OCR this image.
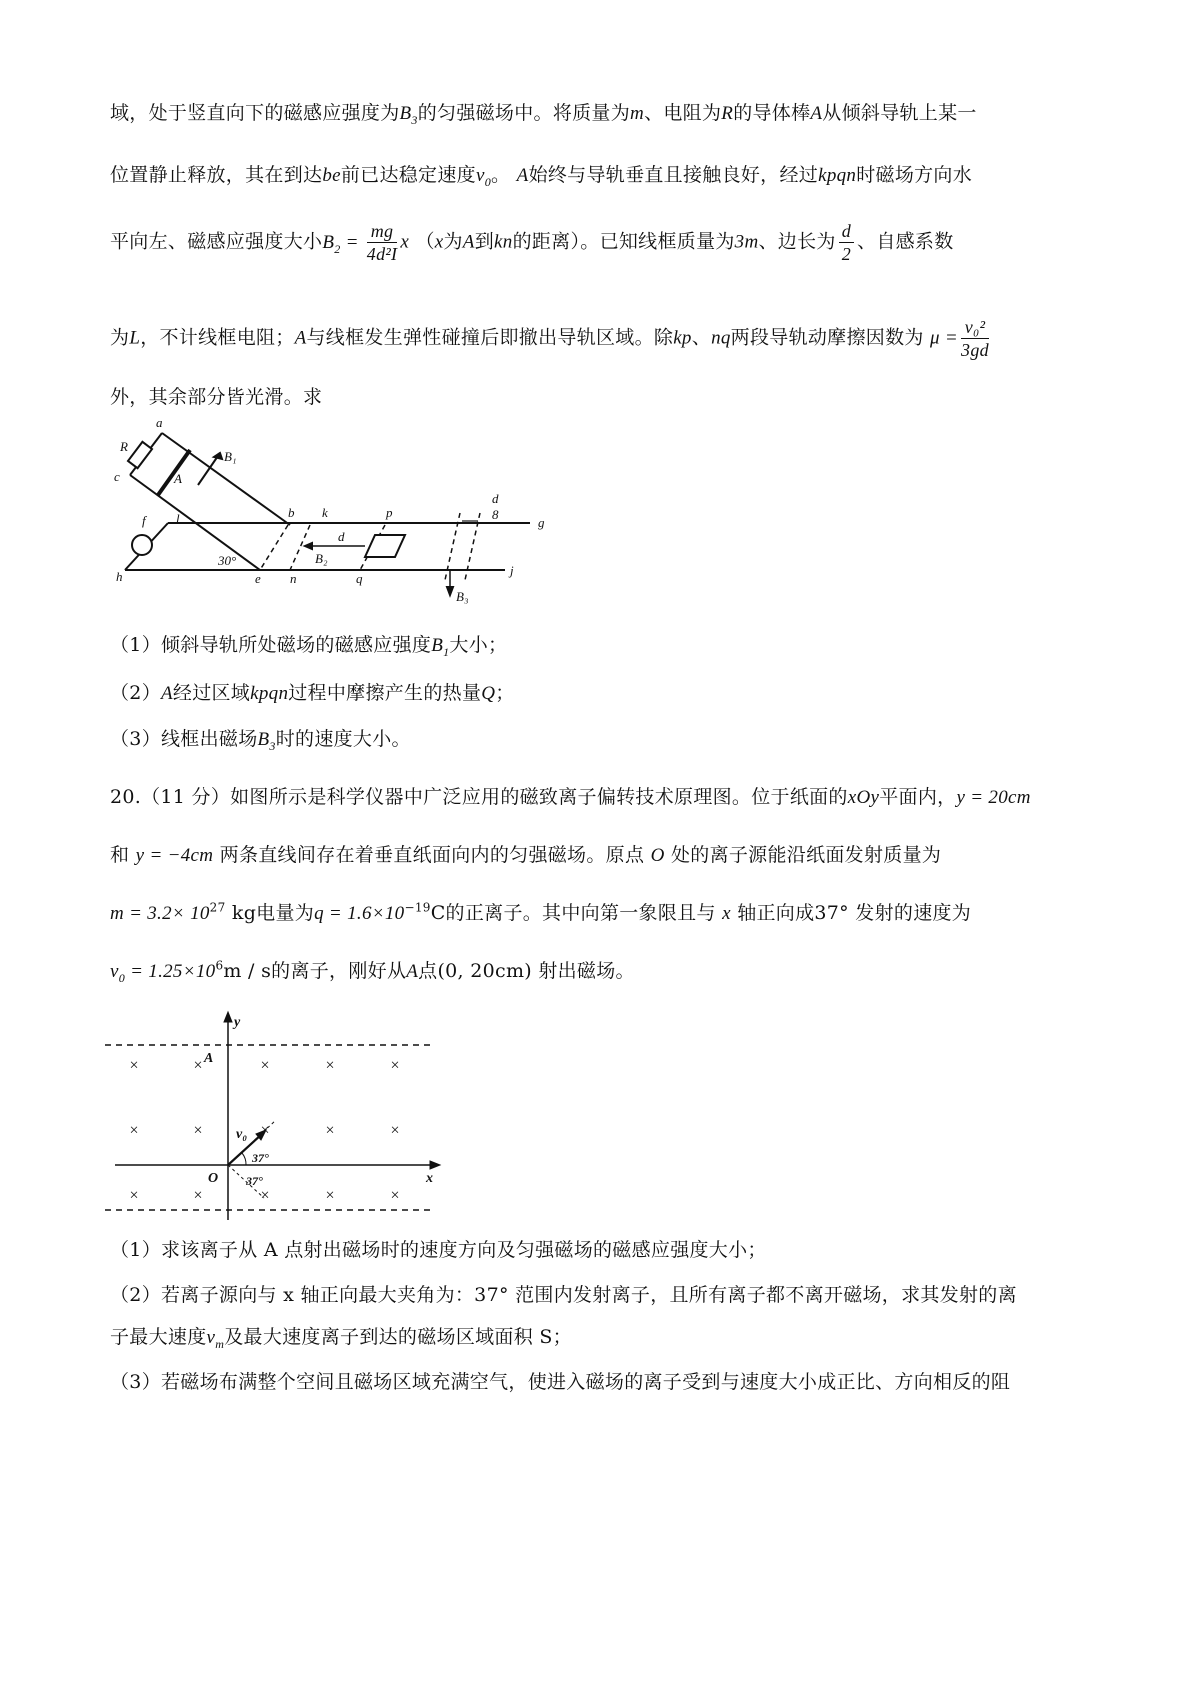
域，处于竖直向下的磁感应强度为$B_3$的匀强磁场中。将质量为m、电阻为R的导体棒A从倾斜导轨上某一
位置静止释放，其在到达be前已达稳定速度$v_0$。 A始终与导轨垂直且接触良好，经过kpqn时磁场方向水
平向左、磁感应强度大小$B_2 = \frac{mg}{\text{4d²I}}$ x （x为A到kn的距离）。已知线框质量为3m、边长为 $\frac{d}{2}$ 、自感系数
为L，不计线框电阻；A与线框发生弹性碰撞后即撤出导轨区域。除kp、nq两段导轨动摩擦因数为 $\mu = \frac{\text{v₀²}}{3gd}$
外，其余部分皆光滑。求
a
R
c	A
B₁
f l
30°
h	e
b k
n
p
q
d
B₂
d
8
g
j
B₃
（1）倾斜导轨所处磁场的磁感应强度$B_1$大小；
（2）A经过区域kpqn过程中摩擦产生的热量Q；
（3）线框出磁场$B_3$时的速度大小。
20.（11 分）如图所示是科学仪器中广泛应用的磁致离子偏转技术原理图。位于纸面的xOy平面内，y = 20cm
和 y = −4cm 两条直线间存在着垂直纸面向内的匀强磁场。原点 O 处的离子源能沿纸面发射质量为
$m = 3.2\times 10^{27}$ kg电量为$q = 1.6\times 10^{-19}C$的正离子。其中向第一象限且与 x 轴正向成37° 发射的速度为
$v_0 = 1.25\times 10^6m / s$的离子，刚好从A点(0, 20cm) 射出磁场。
×	×	×	×	×
×	×	×	×	×
×	×	×	×	×
y
A
O	x
v₀
37°
37°
（1）求该离子从 A 点射出磁场时的速度方向及匀强磁场的磁感应强度大小；
（2）若离子源向与 x 轴正向最大夹角为：37° 范围内发射离子，且所有离子都不离开磁场，求其发射的离
子最大速度$v_m$及最大速度离子到达的磁场区域面积 S；
（3）若磁场布满整个空间且磁场区域充满空气，使进入磁场的离子受到与速度大小成正比、方向相反的阻
